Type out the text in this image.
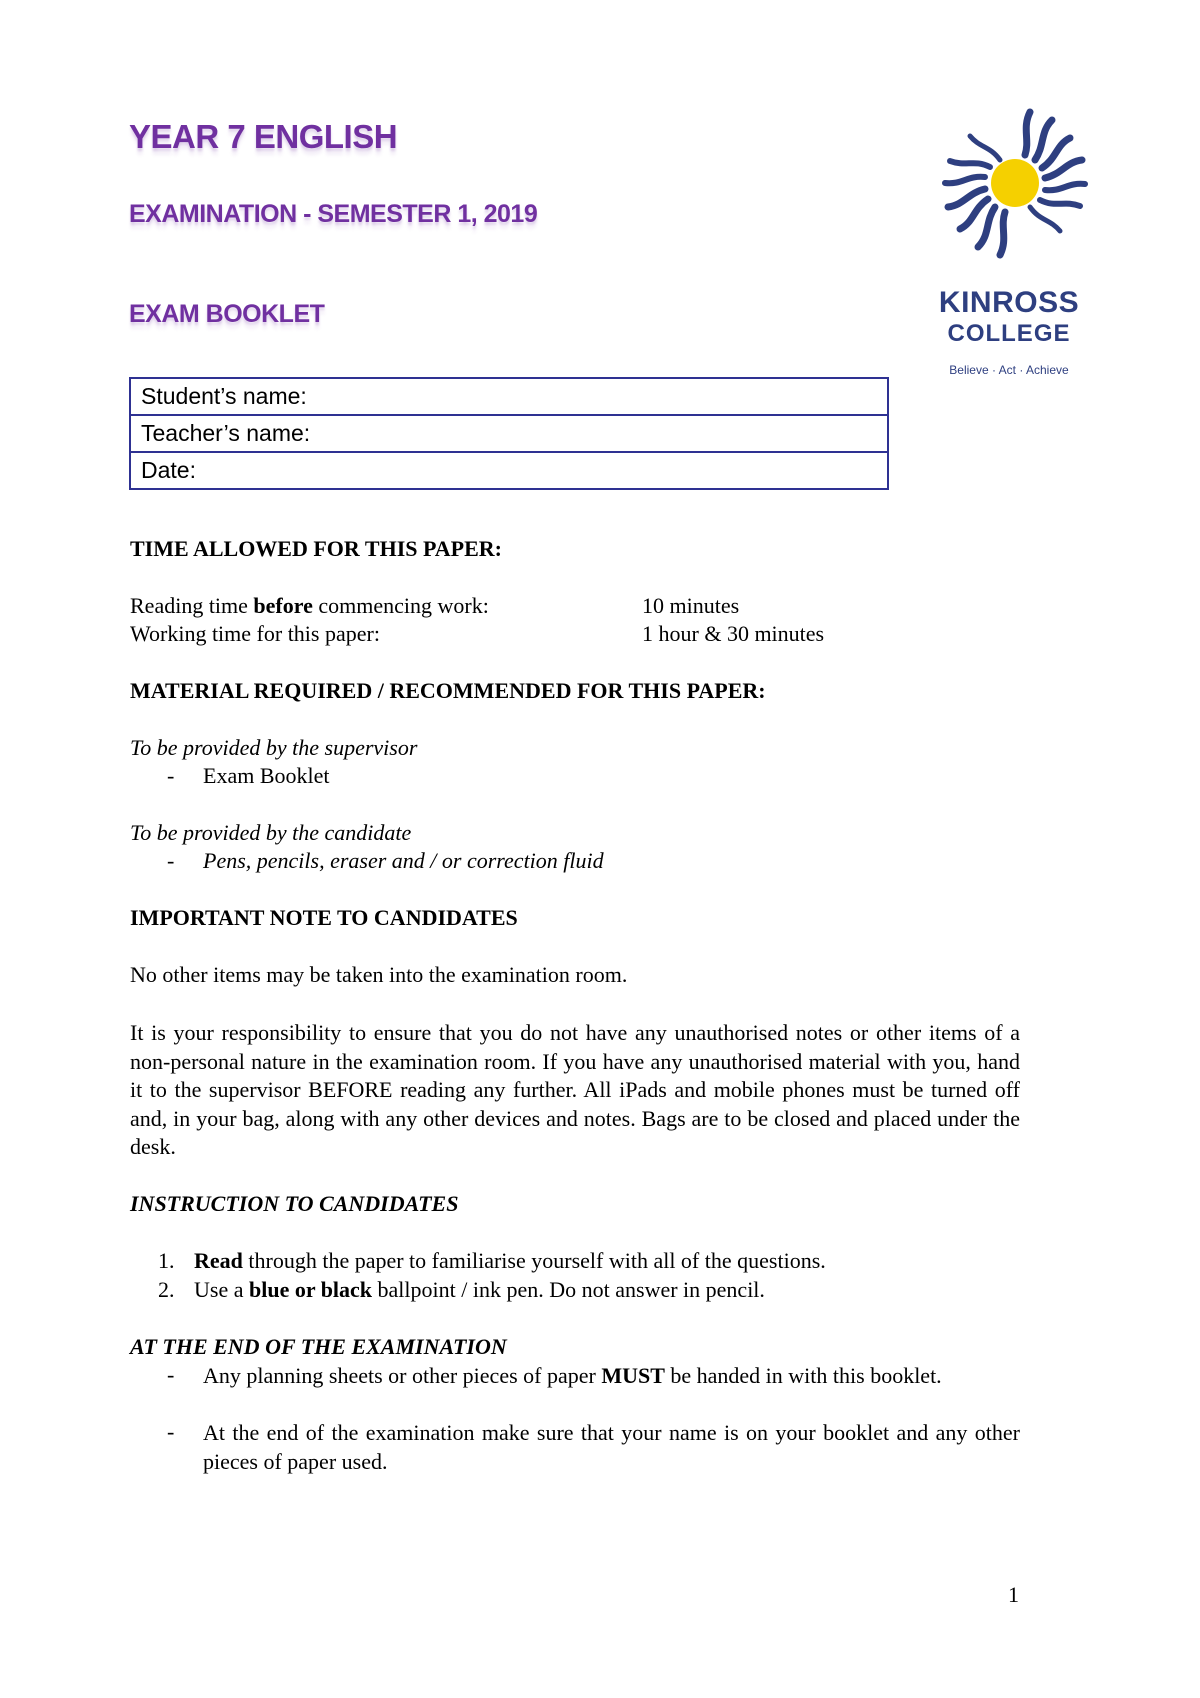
YEAR 7 ENGLISH
EXAMINATION - SEMESTER 1, 2019
EXAM BOOKLET	KINROSS
COLLEGE
Believe · Act · Achieve
Student’s name:
Teacher’s name:
Date:

TIME ALLOWED FOR THIS PAPER:

Reading time before commencing work:	10 minutes

Working time for this paper:	1 hour & 30 minutes

MATERIAL REQUIRED / RECOMMENDED FOR THIS PAPER:

To be provided by the supervisor

- Exam Booklet

To be provided by the candidate

- Pens, pencils, eraser and / or correction fluid

IMPORTANT NOTE TO CANDIDATES

No other items may be taken into the examination room.

It is your responsibility to ensure that you do not have any unauthorised notes or other items of a non-personal nature in the examination room. If you have any unauthorised material with you, hand it to the supervisor BEFORE reading any further. All iPads and mobile phones must be turned off and, in your bag, along with any other devices and notes. Bags are to be closed and placed under the desk.

INSTRUCTION TO CANDIDATES

1. Read through the paper to familiarise yourself with all of the questions.
2. Use a blue or black ballpoint / ink pen. Do not answer in pencil.

AT THE END OF THE EXAMINATION

- Any planning sheets or other pieces of paper MUST be handed in with this booklet.

- At the end of the examination make sure that your name is on your booklet and any other pieces of paper used.

1
